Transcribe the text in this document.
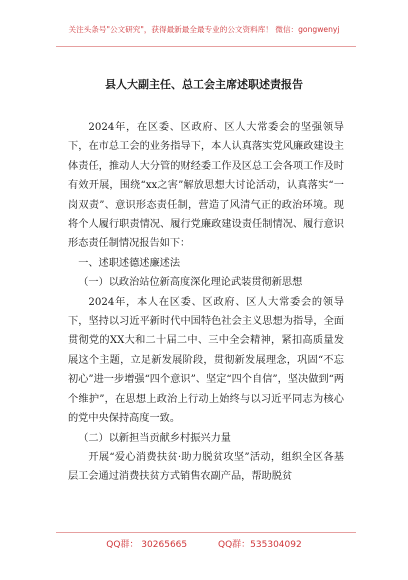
关注头条号"公文研究"，获得最新最全最专业的公文资料库！ 微信：gongwenyj
县人大副主任、总工会主席述职述责报告

2024年，在区委、区政府、区人大常委会的坚强领导下，在市总工会的业务指导下，本人认真落实党风廉政建设主体责任，推动人大分管的财经委工作及区总工会各项工作及时有效开展，围绕“xx之害”解放思想大讨论活动，认真落实“一岗双责”、意识形态责任制，营造了风清气正的政治环境。现将个人履行职责情况、履行党廉政建设责任制情况、履行意识形态责任制情况报告如下：

一、述职述德述廉述法

（一）以政治站位新高度深化理论武装贯彻新思想

2024年，本人在区委、区政府、区人大常委会的领导下，坚持以习近平新时代中国特色社会主义思想为指导，全面贯彻党的XX大和二十届二中、三中全会精神，紧扣高质量发展这个主题，立足新发展阶段，贯彻新发展理念，巩固“不忘初心”进一步增强“四个意识”、坚定“四个自信”，坚决做到“两个维护”，在思想上政治上行动上始终与以习近平同志为核心的党中央保持高度一致。

（二）以新担当贡献乡村振兴力量

开展“爱心消费扶贫·助力脱贫攻坚”活动，组织全区各基层工会通过消费扶贫方式销售农副产品，帮助脱贫

QQ群： 30265665	QQ群：535304092
